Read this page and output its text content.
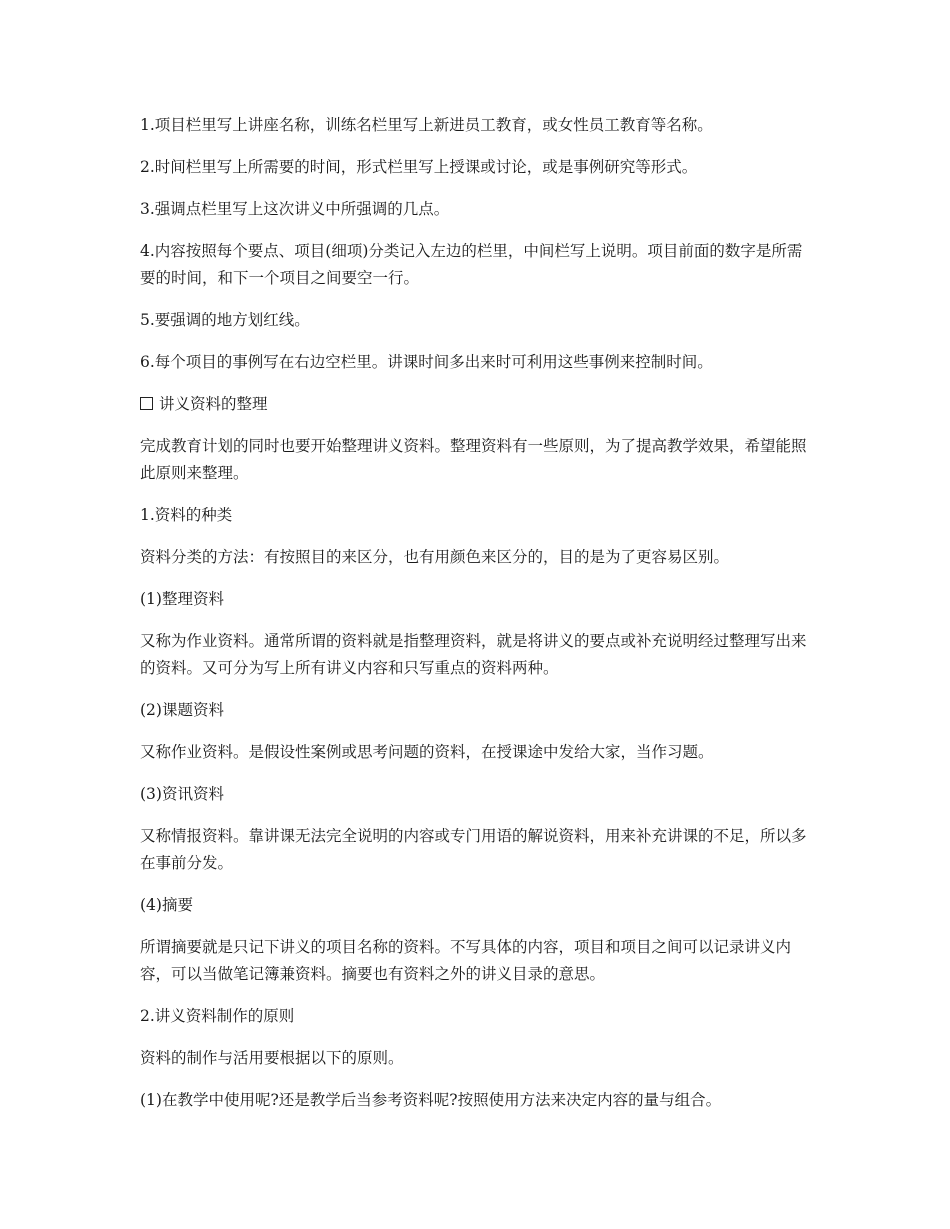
1.项目栏里写上讲座名称，训练名栏里写上新进员工教育，或女性员工教育等名称。

2.时间栏里写上所需要的时间，形式栏里写上授课或讨论，或是事例研究等形式。

3.强调点栏里写上这次讲义中所强调的几点。

4.内容按照每个要点、项目(细项)分类记入左边的栏里，中间栏写上说明。项目前面的数字是所需要的时间，和下一个项目之间要空一行。

5.要强调的地方划红线。

6.每个项目的事例写在右边空栏里。讲课时间多出来时可利用这些事例来控制时间。

讲义资料的整理

完成教育计划的同时也要开始整理讲义资料。整理资料有一些原则，为了提高教学效果，希望能照此原则来整理。

1.资料的种类

资料分类的方法：有按照目的来区分，也有用颜色来区分的，目的是为了更容易区别。

(1)整理资料

又称为作业资料。通常所谓的资料就是指整理资料，就是将讲义的要点或补充说明经过整理写出来的资料。又可分为写上所有讲义内容和只写重点的资料两种。

(2)课题资料

又称作业资料。是假设性案例或思考问题的资料，在授课途中发给大家，当作习题。

(3)资讯资料

又称情报资料。靠讲课无法完全说明的内容或专门用语的解说资料，用来补充讲课的不足，所以多在事前分发。

(4)摘要

所谓摘要就是只记下讲义的项目名称的资料。不写具体的内容，项目和项目之间可以记录讲义内容，可以当做笔记簿兼资料。摘要也有资料之外的讲义目录的意思。

2.讲义资料制作的原则

资料的制作与活用要根据以下的原则。

(1)在教学中使用呢?还是教学后当参考资料呢?按照使用方法来决定内容的量与组合。
